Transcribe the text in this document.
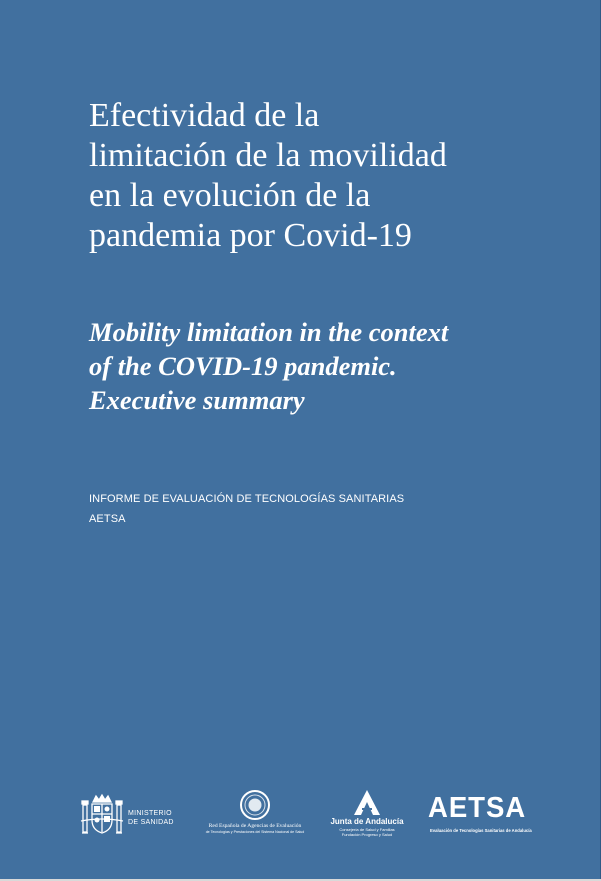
Efectividad de la
limitación de la movilidad
en la evolución de la
pandemia por Covid-19
Mobility limitation in the context
of the COVID-19 pandemic.
Executive summary
INFORME DE EVALUACIÓN DE TECNOLOGÍAS SANITARIAS
AETSA
MINISTERIO
DE SANIDAD	Red Española de Agencias de Evaluación
de Tecnologías y Prestaciones del Sistema Nacional de Salud
Junta de Andalucía
Consejería de Salud y Familias
Fundación Progreso y Salud
AETSA
Evaluación de Tecnologías Sanitarias de Andalucía
